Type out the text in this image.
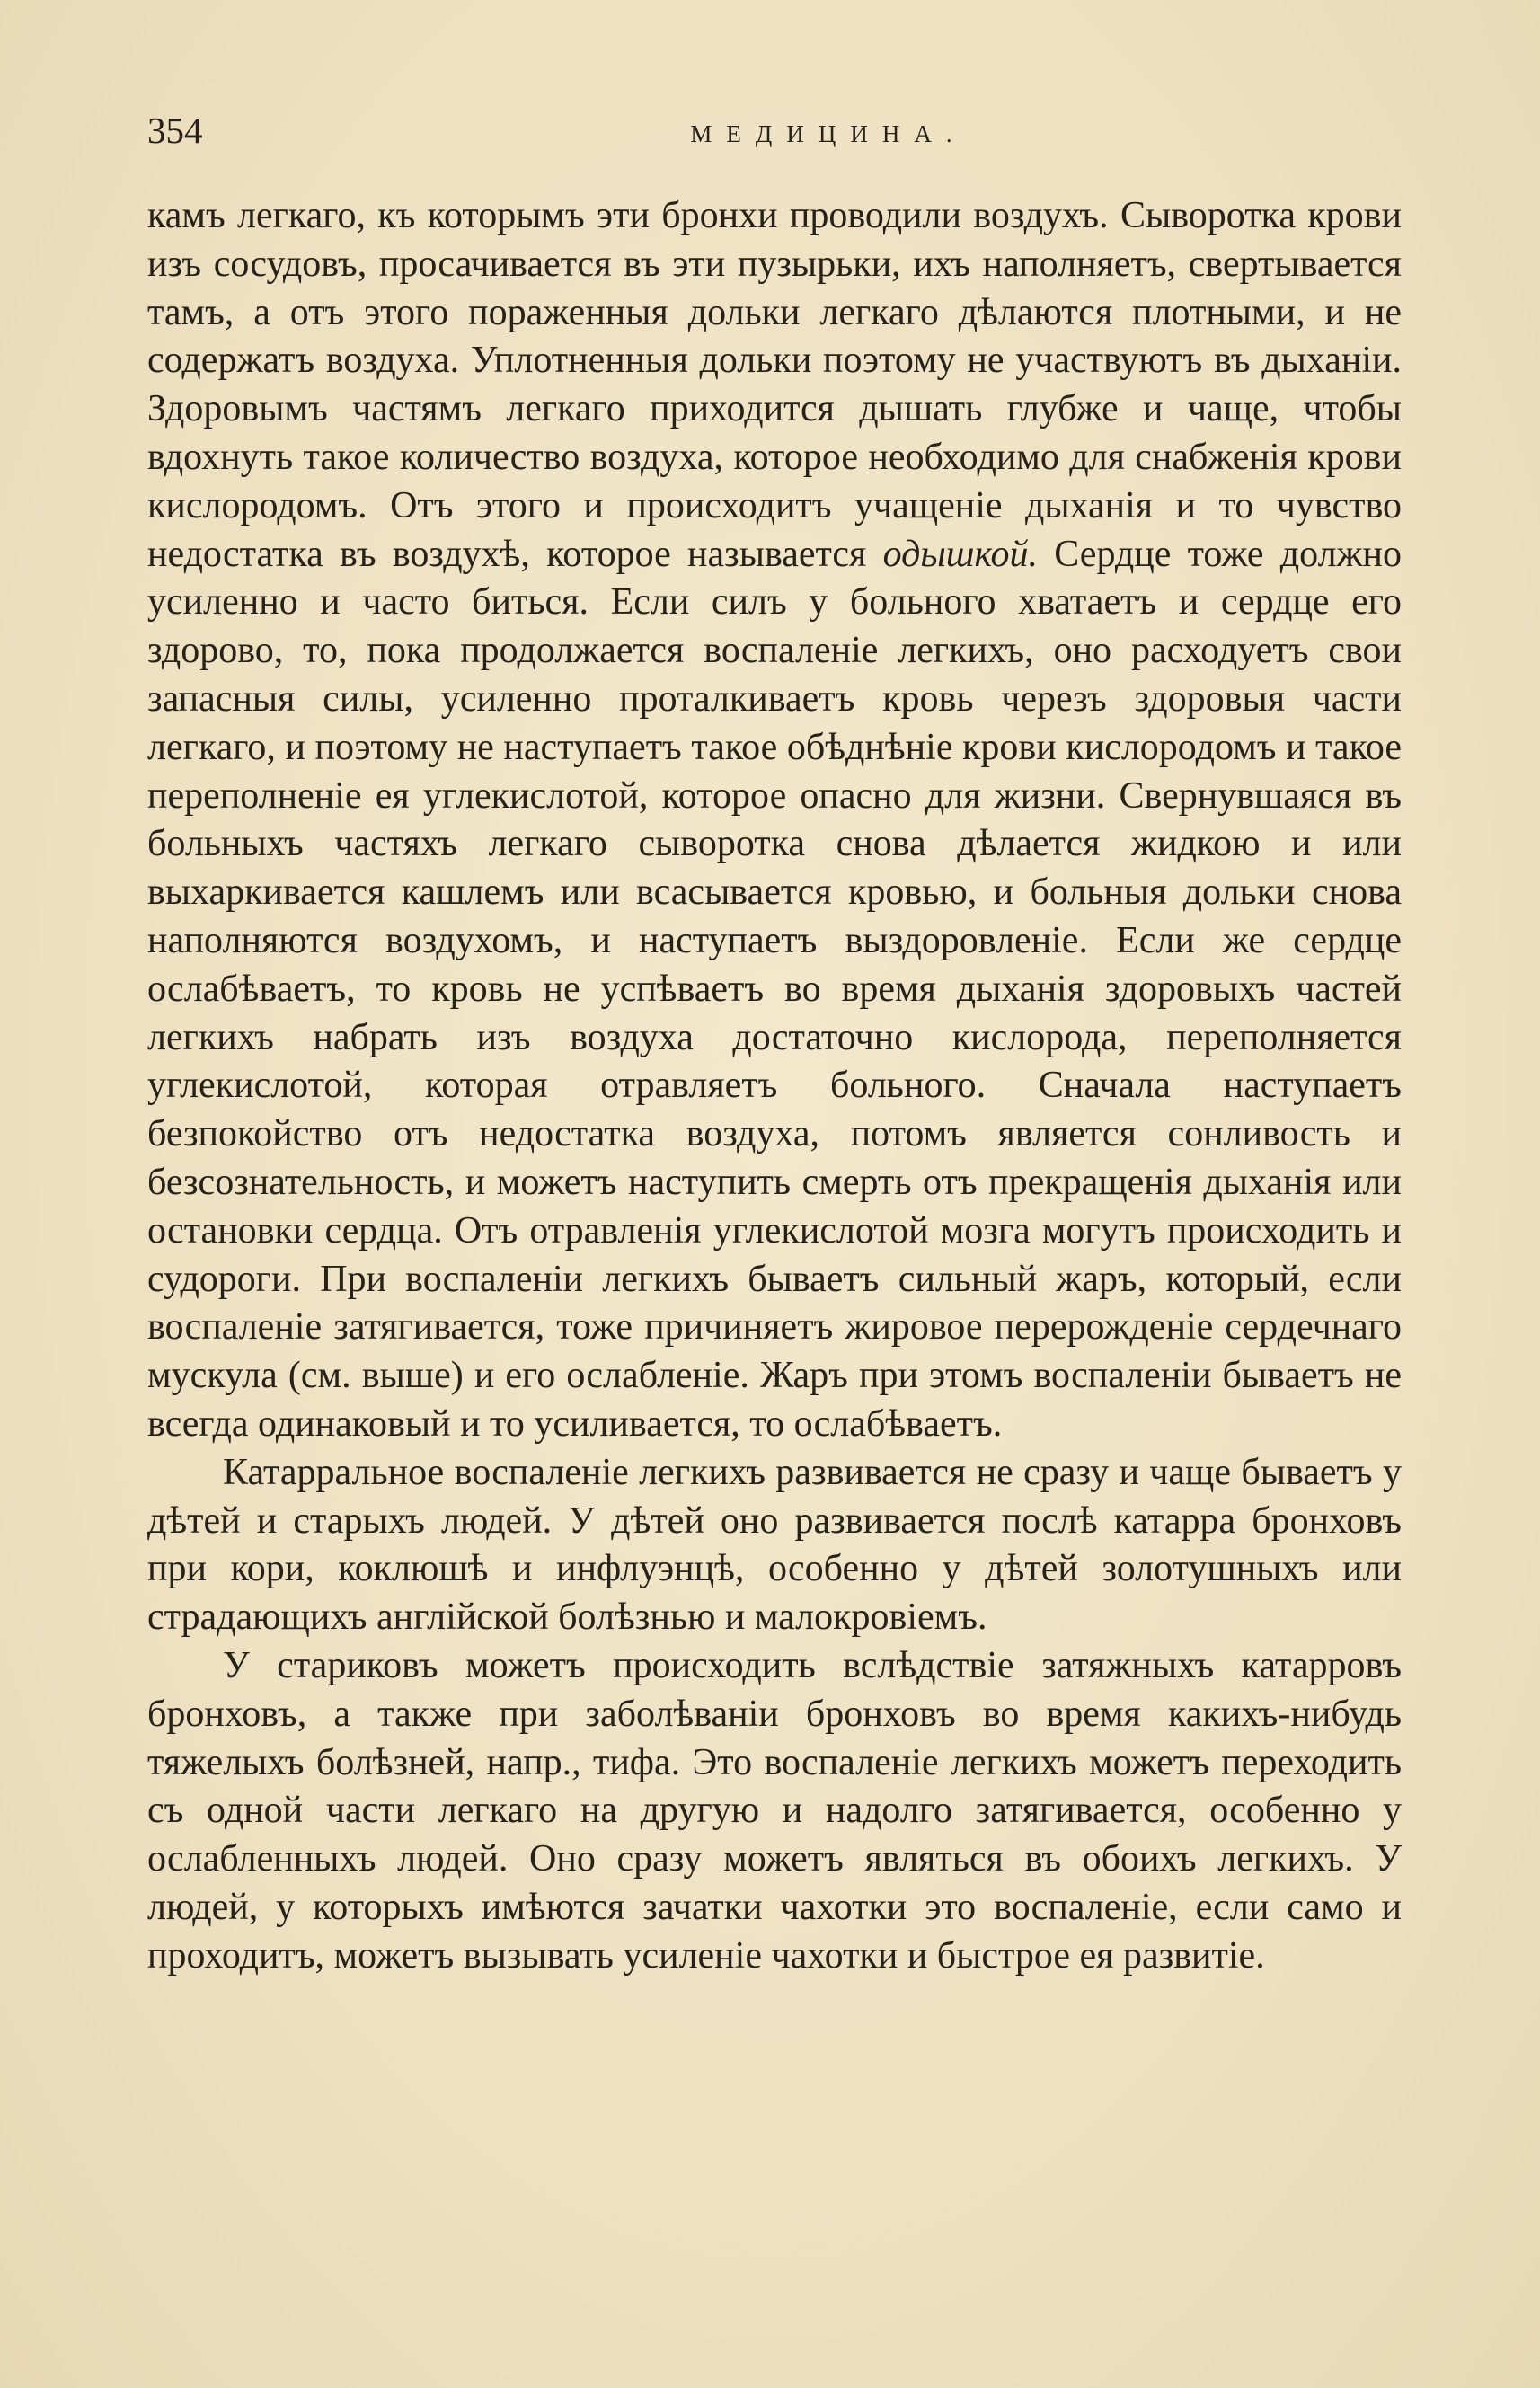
354	МЕДИЦИНА.

камъ легкаго, къ которымъ эти бронхи проводили воздухъ. Сыворотка крови изъ сосудовъ, просачивается въ эти пузырьки, ихъ наполняетъ, свертывается тамъ, а отъ этого пораженныя дольки легкаго дѣлаются плотными, и не содержатъ воздуха. Уплотненныя дольки поэтому не участвуютъ въ дыханіи. Здоровымъ частямъ легкаго приходится дышать глубже и чаще, чтобы вдохнуть такое количество воздуха, которое необходимо для снабженія крови кислородомъ. Отъ этого и происходитъ учащеніе дыханія и то чувство недостатка въ воздухѣ, которое называется одышкой. Сердце тоже должно усиленно и часто биться. Если силъ у больного хватаетъ и сердце его здорово, то, пока продолжается воспаленіе легкихъ, оно расходуетъ свои запасныя силы, усиленно проталкиваетъ кровь черезъ здоровыя части легкаго, и поэтому не наступаетъ такое обѣднѣніе крови кислородомъ и такое переполненіе ея углекислотой, которое опасно для жизни. Свернувшаяся въ больныхъ частяхъ легкаго сыворотка снова дѣлается жидкою и или выхаркивается кашлемъ или всасывается кровью, и больныя дольки снова наполняются воздухомъ, и наступаетъ выздоровленіе. Если же сердце ослабѣваетъ, то кровь не успѣваетъ во время дыханія здоровыхъ частей легкихъ набрать изъ воздуха достаточно кислорода, переполняется углекислотой, которая отравляетъ больного. Сначала наступаетъ безпокойство отъ недостатка воздуха, потомъ является сонливость и безсознательность, и можетъ наступить смерть отъ прекращенія дыханія или остановки сердца. Отъ отравленія углекислотой мозга могутъ происходить и судороги. При воспаленіи легкихъ бываетъ сильный жаръ, который, если воспаленіе затягивается, тоже причиняетъ жировое перерожденіе сердечнаго мускула (см. выше) и его ослабленіе. Жаръ при этомъ воспаленіи бываетъ не всегда одинаковый и то усиливается, то ослабѣваетъ.

Катарральное воспаленіе легкихъ развивается не сразу и чаще бываетъ у дѣтей и старыхъ людей. У дѣтей оно развивается послѣ катарра бронховъ при кори, коклюшѣ и инфлуэнцѣ, особенно у дѣтей золотушныхъ или страдающихъ англійской болѣзнью и малокровіемъ.

У стариковъ можетъ происходить вслѣдствіе затяжныхъ катарровъ бронховъ, а также при заболѣваніи бронховъ во время какихъ-нибудь тяжелыхъ болѣзней, напр., тифа. Это воспаленіе легкихъ можетъ переходить съ одной части легкаго на другую и надолго затягивается, особенно у ослабленныхъ людей. Оно сразу можетъ являться въ обоихъ легкихъ. У людей, у которыхъ имѣются зачатки чахотки это воспаленіе, если само и проходитъ, можетъ вызывать усиленіе чахотки и быстрое ея развитіе.
